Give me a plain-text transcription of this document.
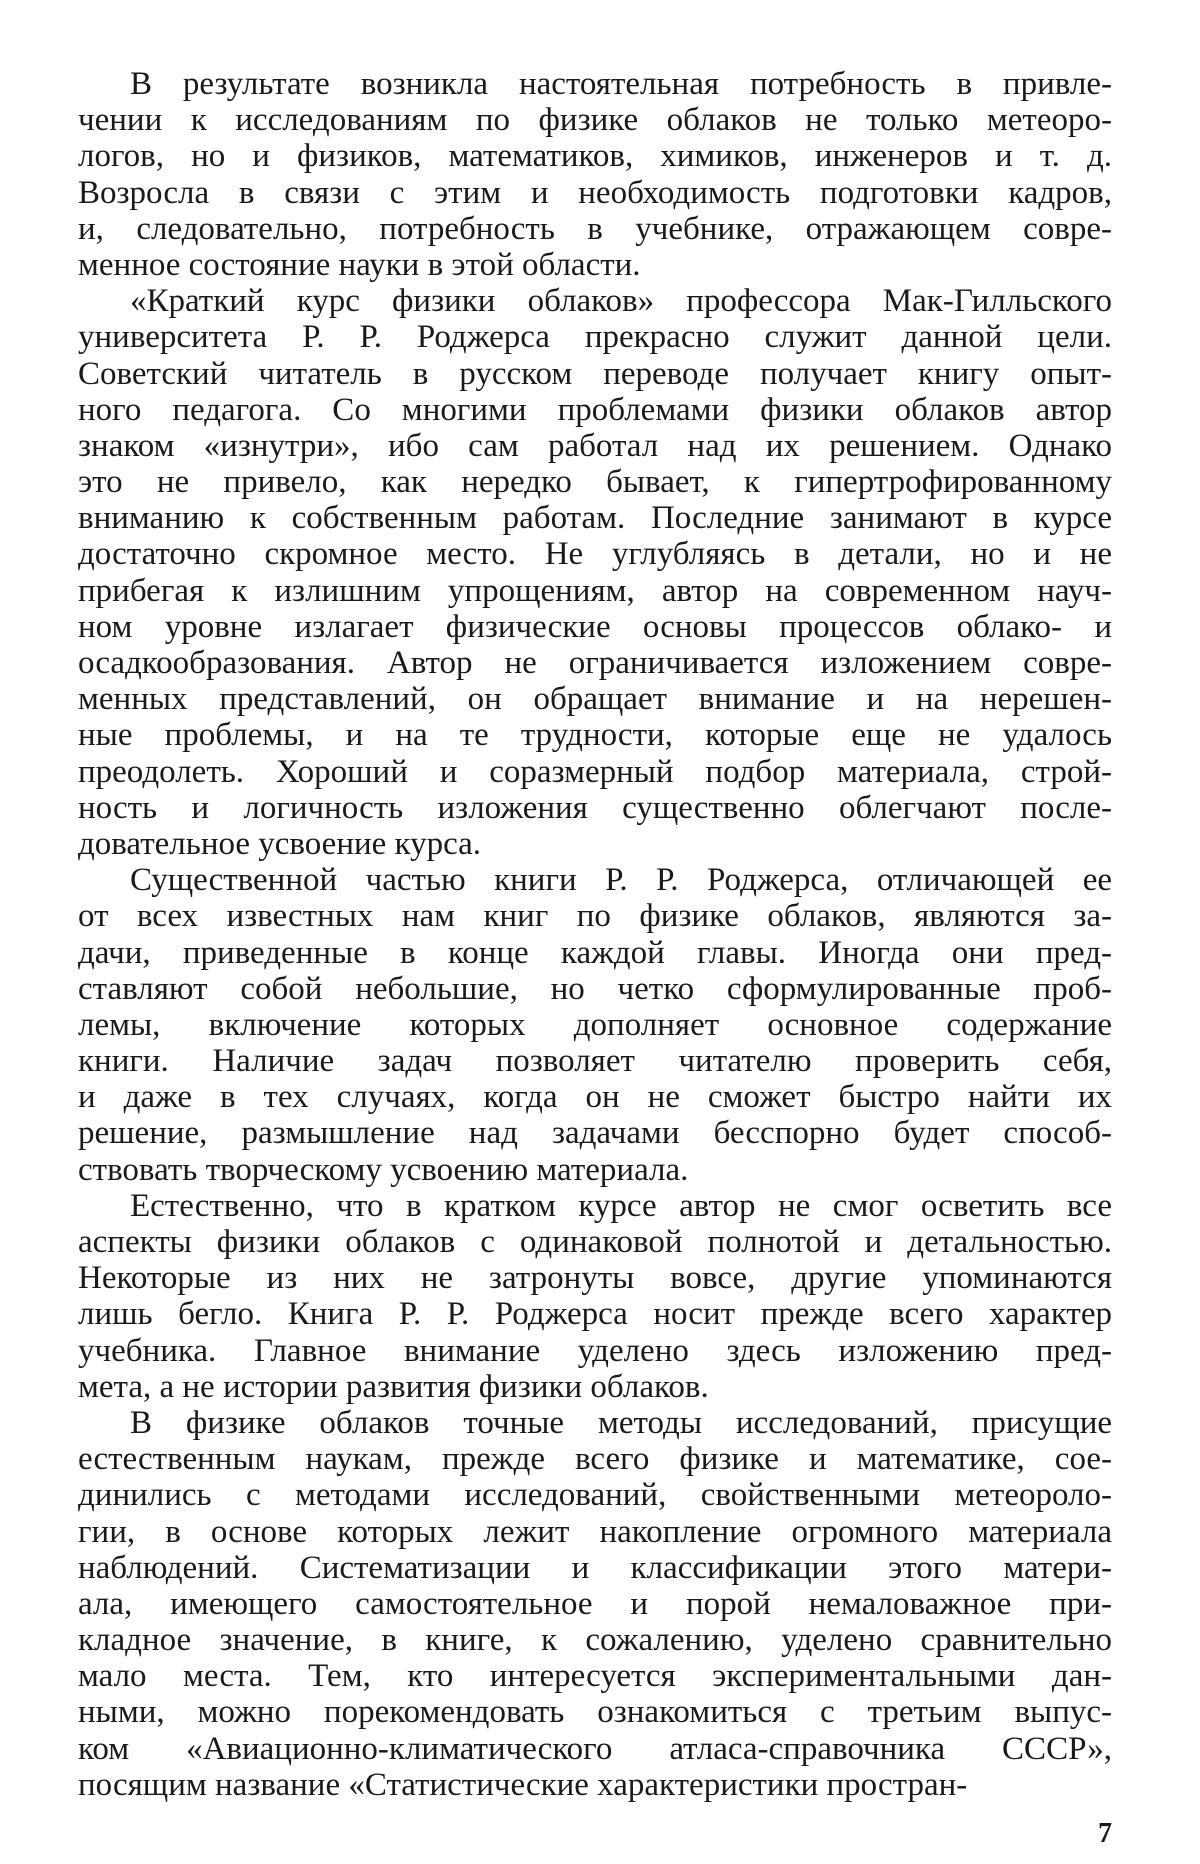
В результате возникла настоятельная потребность в привле-
чении к исследованиям по физике облаков не только метеоро-
логов, но и физиков, математиков, химиков, инженеров и т. д.
Возросла в связи с этим и необходимость подготовки кадров,
и, следовательно, потребность в учебнике, отражающем совре-
менное состояние науки в этой области.
«Краткий курс физики облаков» профессора Мак-Гилльского
университета Р. Р. Роджерса прекрасно служит данной цели.
Советский читатель в русском переводе получает книгу опыт-
ного педагога. Со многими проблемами физики облаков автор
знаком «изнутри», ибо сам работал над их решением. Однако
это не привело, как нередко бывает, к гипертрофированному
вниманию к собственным работам. Последние занимают в курсе
достаточно скромное место. Не углубляясь в детали, но и не
прибегая к излишним упрощениям, автор на современном науч-
ном уровне излагает физические основы процессов облако- и
осадкообразования. Автор не ограничивается изложением совре-
менных представлений, он обращает внимание и на нерешен-
ные проблемы, и на те трудности, которые еще не удалось
преодолеть. Хороший и соразмерный подбор материала, строй-
ность и логичность изложения существенно облегчают после-
довательное усвоение курса.
Существенной частью книги Р. Р. Роджерса, отличающей ее
от всех известных нам книг по физике облаков, являются за-
дачи, приведенные в конце каждой главы. Иногда они пред-
ставляют собой небольшие, но четко сформулированные проб-
лемы, включение которых дополняет основное содержание
книги. Наличие задач позволяет читателю проверить себя,
и даже в тех случаях, когда он не сможет быстро найти их
решение, размышление над задачами бесспорно будет способ-
ствовать творческому усвоению материала.
Естественно, что в кратком курсе автор не смог осветить все
аспекты физики облаков с одинаковой полнотой и детальностью.
Некоторые из них не затронуты вовсе, другие упоминаются
лишь бегло. Книга Р. Р. Роджерса носит прежде всего характер
учебника. Главное внимание уделено здесь изложению пред-
мета, а не истории развития физики облаков.
В физике облаков точные методы исследований, присущие
естественным наукам, прежде всего физике и математике, сое-
динились с методами исследований, свойственными метеороло-
гии, в основе которых лежит накопление огромного материала
наблюдений. Систематизации и классификации этого матери-
ала, имеющего самостоятельное и порой немаловажное при-
кладное значение, в книге, к сожалению, уделено сравнительно
мало места. Тем, кто интересуется экспериментальными дан-
ными, можно порекомендовать ознакомиться с третьим выпус-
ком «Авиационно-климатического атласа-справочника СССР»,
посящим название «Статистические характеристики простран-
7
